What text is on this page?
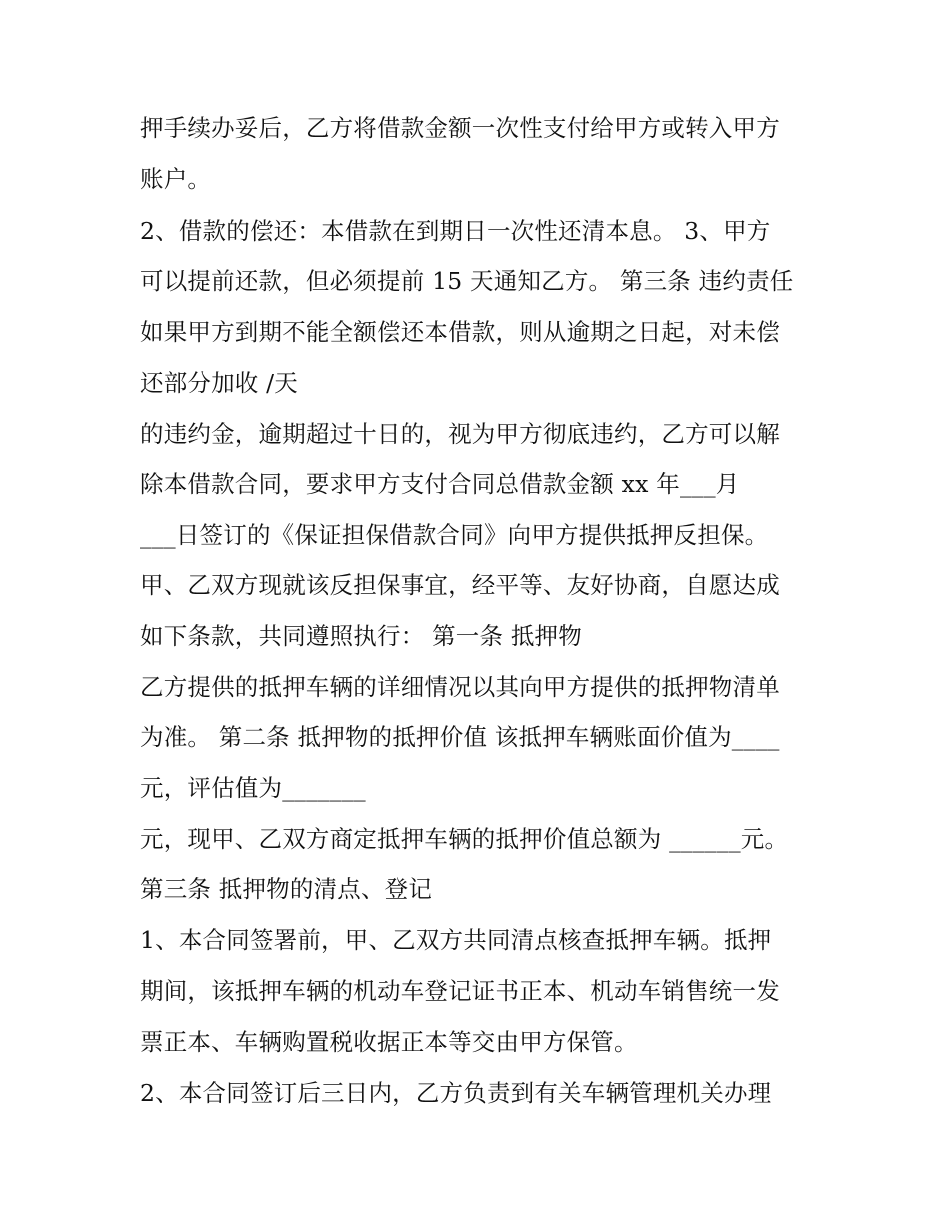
押手续办妥后，乙方将借款金额一次性支付给甲方或转入甲方
账户。
2、借款的偿还：本借款在到期日一次性还清本息。 3、甲方
可以提前还款，但必须提前 15 天通知乙方。 第三条 违约责任
如果甲方到期不能全额偿还本借款，则从逾期之日起，对未偿
还部分加收 /天
的违约金，逾期超过十日的，视为甲方彻底违约，乙方可以解
除本借款合同，要求甲方支付合同总借款金额 xx 年___月
___日签订的《保证担保借款合同》向甲方提供抵押反担保。
甲、乙双方现就该反担保事宜，经平等、友好协商，自愿达成
如下条款，共同遵照执行： 第一条 抵押物
乙方提供的抵押车辆的详细情况以其向甲方提供的抵押物清单
为准。 第二条 抵押物的抵押价值 该抵押车辆账面价值为____
元，评估值为_______
元，现甲、乙双方商定抵押车辆的抵押价值总额为 ______元。
第三条 抵押物的清点、登记
1、本合同签署前，甲、乙双方共同清点核查抵押车辆。抵押
期间，该抵押车辆的机动车登记证书正本、机动车销售统一发
票正本、车辆购置税收据正本等交由甲方保管。
2、本合同签订后三日内，乙方负责到有关车辆管理机关办理
